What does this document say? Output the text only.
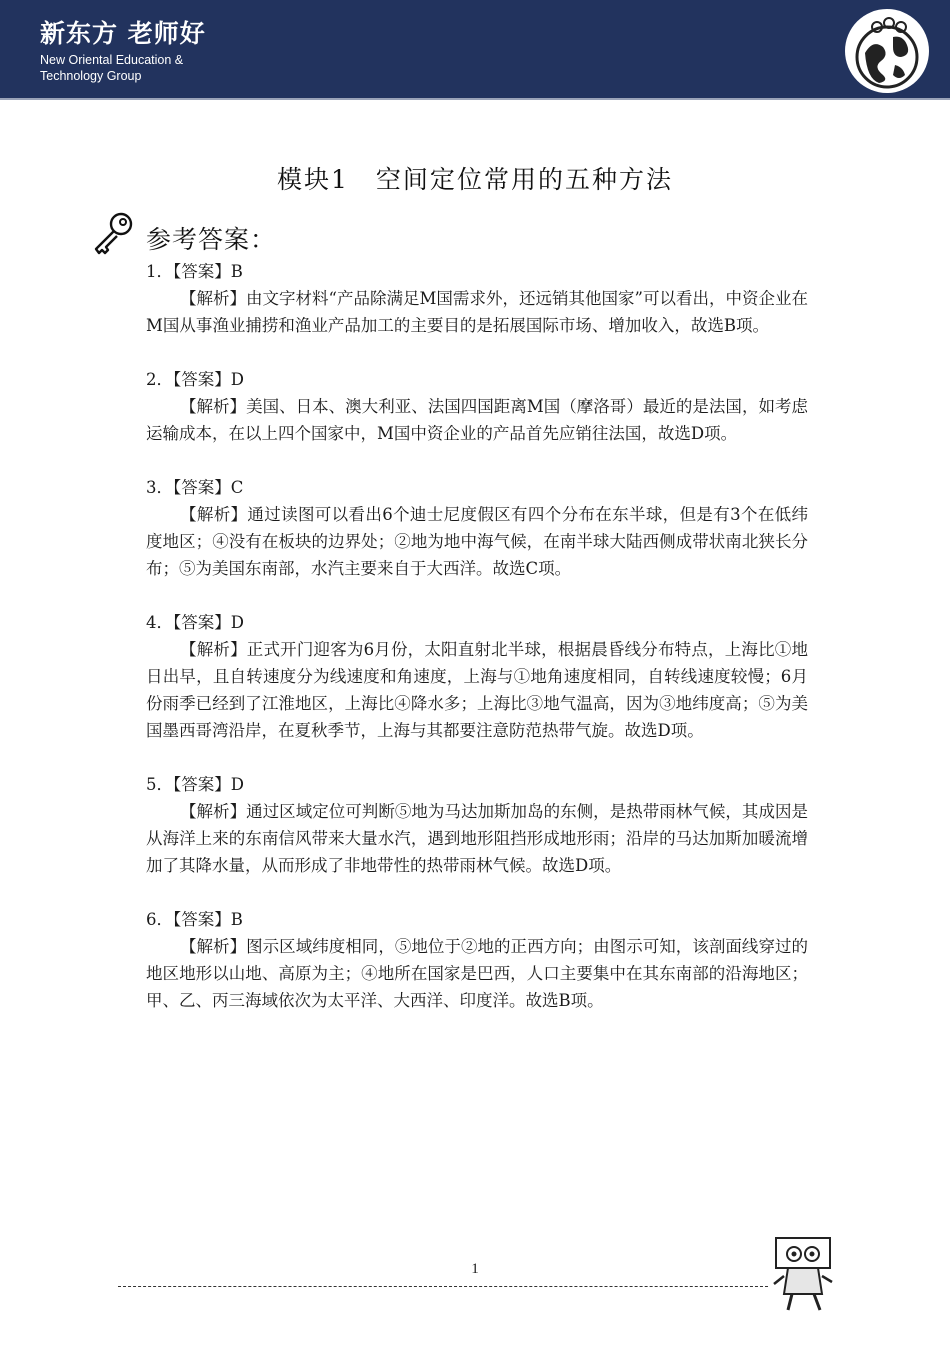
新东方 老师好
New Oriental Education & Technology Group
模块1　空间定位常用的五种方法
参考答案：
1．【答案】B
【解析】由文字材料“产品除满足M国需求外，还远销其他国家”可以看出，中资企业在M国从事渔业捕捞和渔业产品加工的主要目的是拓展国际市场、增加收入，故选B项。
2．【答案】D
【解析】美国、日本、澳大利亚、法国四国距离M国（摩洛哥）最近的是法国，如考虑运输成本，在以上四个国家中，M国中资企业的产品首先应销往法国，故选D项。
3．【答案】C
【解析】通过读图可以看出6个迪士尼度假区有四个分布在东半球，但是有3个在低纬度地区；④没有在板块的边界处；②地为地中海气候，在南半球大陆西侧成带状南北狭长分布；⑤为美国东南部，水汽主要来自于大西洋。故选C项。
4．【答案】D
【解析】正式开门迎客为6月份，太阳直射北半球，根据晨昏线分布特点，上海比①地日出早，且自转速度分为线速度和角速度，上海与①地角速度相同，自转线速度较慢；6月份雨季已经到了江淮地区，上海比④降水多；上海比③地气温高，因为③地纬度高；⑤为美国墨西哥湾沿岸，在夏秋季节，上海与其都要注意防范热带气旋。故选D项。
5．【答案】D
【解析】通过区域定位可判断⑤地为马达加斯加岛的东侧，是热带雨林气候，其成因是从海洋上来的东南信风带来大量水汽，遇到地形阻挡形成地形雨；沿岸的马达加斯加暖流增加了其降水量，从而形成了非地带性的热带雨林气候。故选D项。
6．【答案】B
【解析】图示区域纬度相同，⑤地位于②地的正西方向；由图示可知，该剖面线穿过的地区地形以山地、高原为主；④地所在国家是巴西，人口主要集中在其东南部的沿海地区；甲、乙、丙三海域依次为太平洋、大西洋、印度洋。故选B项。
1
